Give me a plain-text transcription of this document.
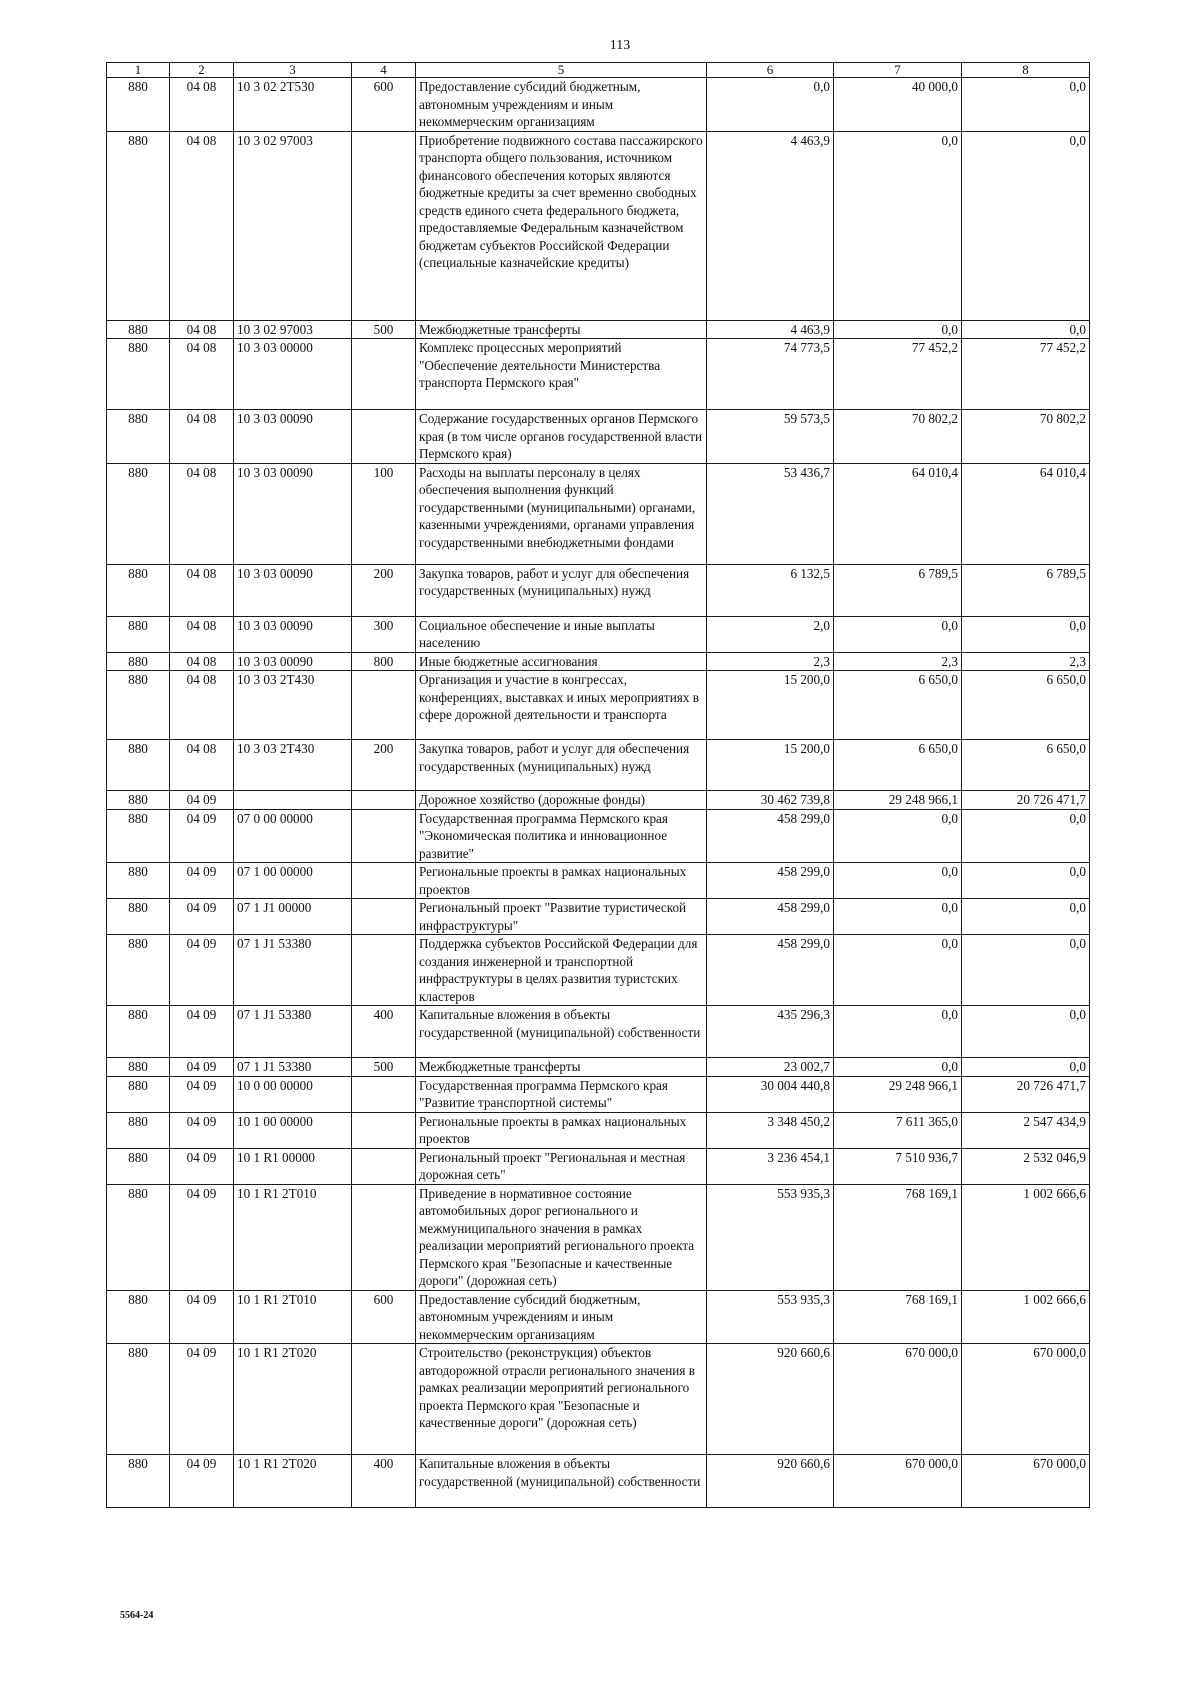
113
1	2	3	4	5	6	7	8
880	04 08	10 3 02 2Т530	600	Предоставление субсидий бюджетным, автономным учреждениям и иным некоммерческим организациям	0,0	40 000,0	0,0
880	04 08	10 3 02 97003		Приобретение подвижного состава пассажирского транспорта общего пользования, источником финансового обеспечения которых являются бюджетные кредиты за счет временно свободных средств единого счета федерального бюджета, предоставляемые Федеральным казначейством бюджетам субъектов Российской Федерации (специальные казначейские кредиты)	4 463,9	0,0	0,0
880	04 08	10 3 02 97003	500	Межбюджетные трансферты	4 463,9	0,0	0,0
880	04 08	10 3 03 00000		Комплекс процессных мероприятий "Обеспечение деятельности Министерства транспорта Пермского края"	74 773,5	77 452,2	77 452,2
880	04 08	10 3 03 00090		Содержание государственных органов Пермского края (в том числе органов государственной власти Пермского края)	59 573,5	70 802,2	70 802,2
880	04 08	10 3 03 00090	100	Расходы на выплаты персоналу в целях обеспечения выполнения функций государственными (муниципальными) органами, казенными учреждениями, органами управления государственными внебюджетными фондами	53 436,7	64 010,4	64 010,4
880	04 08	10 3 03 00090	200	Закупка товаров, работ и услуг для обеспечения государственных (муниципальных) нужд	6 132,5	6 789,5	6 789,5
880	04 08	10 3 03 00090	300	Социальное обеспечение и иные выплаты населению	2,0	0,0	0,0
880	04 08	10 3 03 00090	800	Иные бюджетные ассигнования	2,3	2,3	2,3
880	04 08	10 3 03 2Т430		Организация и участие в конгрессах, конференциях, выставках и иных мероприятиях в сфере дорожной деятельности и транспорта	15 200,0	6 650,0	6 650,0
880	04 08	10 3 03 2Т430	200	Закупка товаров, работ и услуг для обеспечения государственных (муниципальных) нужд	15 200,0	6 650,0	6 650,0
880	04 09			Дорожное хозяйство (дорожные фонды)	30 462 739,8	29 248 966,1	20 726 471,7
880	04 09	07 0 00 00000		Государственная программа Пермского края "Экономическая политика и инновационное развитие"	458 299,0	0,0	0,0
880	04 09	07 1 00 00000		Региональные проекты в рамках национальных проектов	458 299,0	0,0	0,0
880	04 09	07 1 J1 00000		Региональный проект "Развитие туристической инфраструктуры"	458 299,0	0,0	0,0
880	04 09	07 1 J1 53380		Поддержка субъектов Российской Федерации для создания инженерной и транспортной инфраструктуры в целях развития туристских кластеров	458 299,0	0,0	0,0
880	04 09	07 1 J1 53380	400	Капитальные вложения в объекты государственной (муниципальной) собственности	435 296,3	0,0	0,0
880	04 09	07 1 J1 53380	500	Межбюджетные трансферты	23 002,7	0,0	0,0
880	04 09	10 0 00 00000		Государственная программа Пермского края "Развитие транспортной системы"	30 004 440,8	29 248 966,1	20 726 471,7
880	04 09	10 1 00 00000		Региональные проекты в рамках национальных проектов	3 348 450,2	7 611 365,0	2 547 434,9
880	04 09	10 1 R1 00000		Региональный проект "Региональная и местная дорожная сеть"	3 236 454,1	7 510 936,7	2 532 046,9
880	04 09	10 1 R1 2Т010		Приведение в нормативное состояние автомобильных дорог регионального и межмуниципального значения в рамках реализации мероприятий регионального проекта Пермского края "Безопасные и качественные дороги" (дорожная сеть)	553 935,3	768 169,1	1 002 666,6
880	04 09	10 1 R1 2Т010	600	Предоставление субсидий бюджетным, автономным учреждениям и иным некоммерческим организациям	553 935,3	768 169,1	1 002 666,6
880	04 09	10 1 R1 2Т020		Строительство (реконструкция) объектов автодорожной отрасли регионального значения в рамках реализации мероприятий регионального проекта Пермского края "Безопасные и качественные дороги" (дорожная сеть)	920 660,6	670 000,0	670 000,0
880	04 09	10 1 R1 2Т020	400	Капитальные вложения в объекты государственной (муниципальной) собственности	920 660,6	670 000,0	670 000,0
5564-24
